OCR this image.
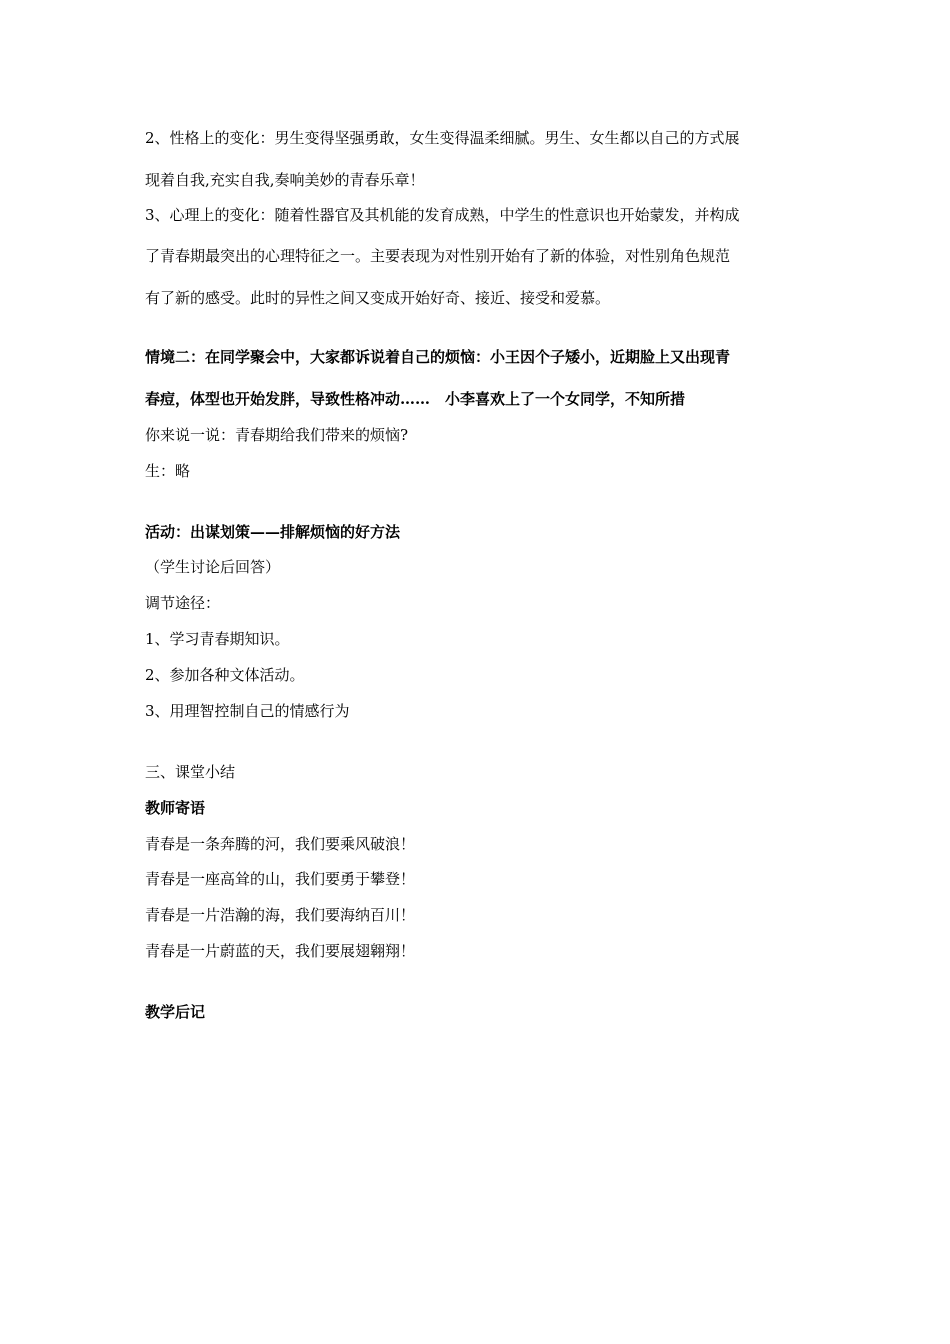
2、性格上的变化：男生变得坚强勇敢，女生变得温柔细腻。男生、女生都以自己的方式展
现着自我,充实自我,奏响美妙的青春乐章！
3、心理上的变化：随着性器官及其机能的发育成熟，中学生的性意识也开始蒙发，并构成
了青春期最突出的心理特征之一。主要表现为对性别开始有了新的体验，对性别角色规范
有了新的感受。此时的异性之间又变成开始好奇、接近、接受和爱慕。
情境二：在同学聚会中，大家都诉说着自己的烦恼：小王因个子矮小，近期脸上又出现青
春痘，体型也开始发胖，导致性格冲动……　小李喜欢上了一个女同学，不知所措
你来说一说：青春期给我们带来的烦恼?
生：略
活动：出谋划策——排解烦恼的好方法
（学生讨论后回答）
调节途径：
1、学习青春期知识。
2、参加各种文体活动。
3、用理智控制自己的情感行为
三、课堂小结
教师寄语
青春是一条奔腾的河，我们要乘风破浪！
青春是一座高耸的山，我们要勇于攀登！
青春是一片浩瀚的海，我们要海纳百川！
青春是一片蔚蓝的天，我们要展翅翱翔！
教学后记
